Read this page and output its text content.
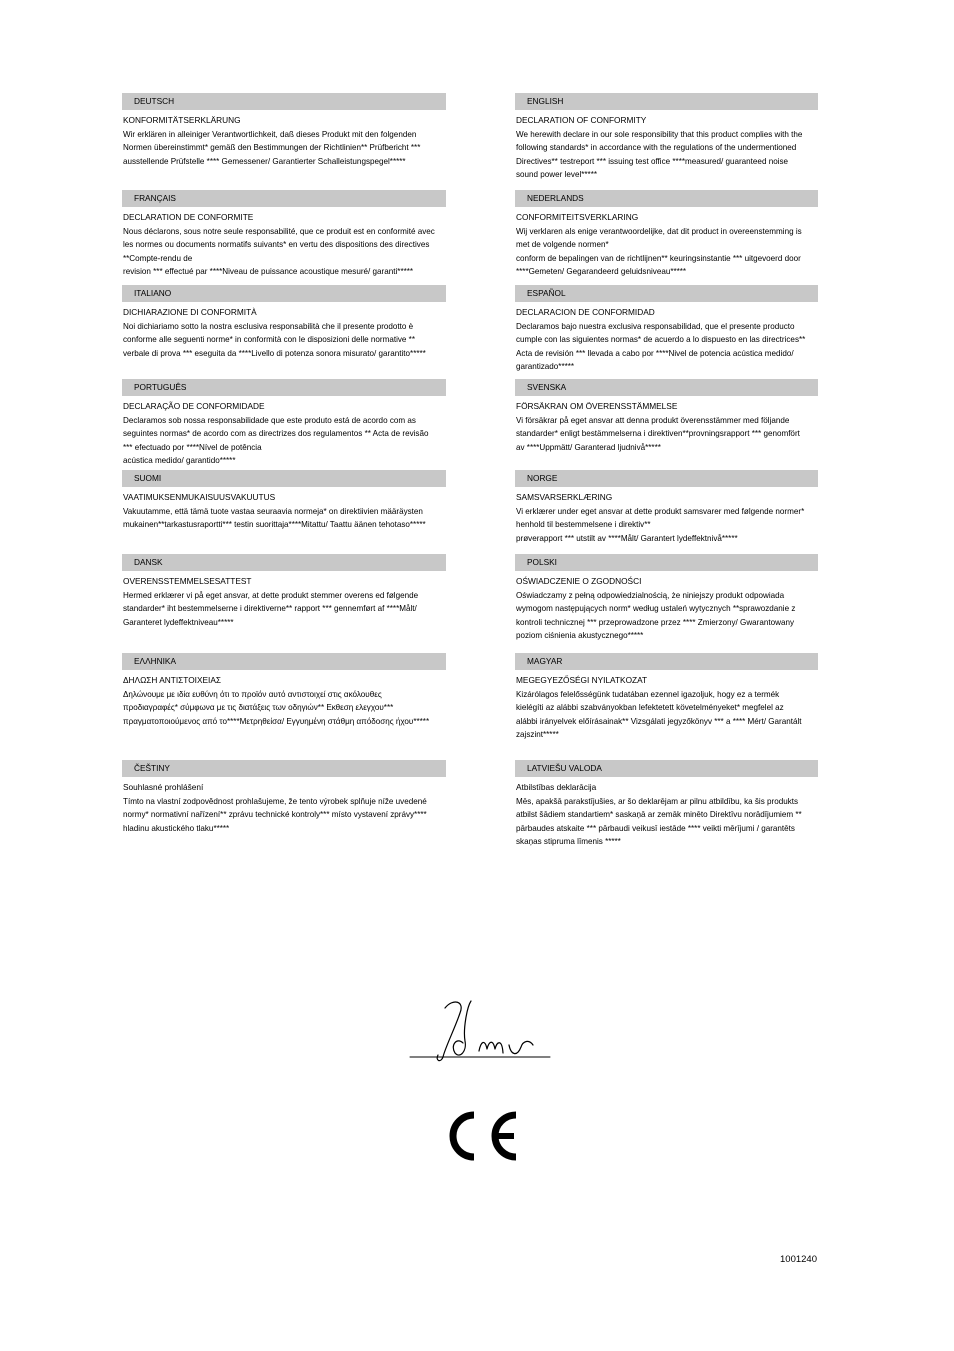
DEUTSCH
KONFORMITÄTSERKLÄRUNG
Wir erklären in alleiniger Verantwortlichkeit, daß dieses Produkt mit den folgenden
Normen übereinstimmt* gemäß den Bestimmungen der Richtlinien** Prüfbericht ***
ausstellende Prüfstelle **** Gemessener/ Garantierter Schalleistungspegel*****
ENGLISH
DECLARATION OF CONFORMITY
We herewith declare in our sole responsibility that this product complies with the
following standards* in accordance with the regulations of the undermentioned
Directives** testreport *** issuing test office ****measured/ guaranteed noise
sound power level*****
FRANÇAIS
DECLARATION DE CONFORMITE
Nous déclarons, sous notre seule responsabilité, que ce produit est en conformité avec
les normes ou documents normatifs suivants* en vertu des dispositions des directives
**Compte-rendu de
revision *** effectué par ****Niveau de puissance acoustique mesuré/ garanti*****
NEDERLANDS
CONFORMITEITSVERKLARING
Wij verklaren als enige verantwoordelijke, dat dit product in overeenstemming is
met de volgende normen*
conform de bepalingen van de richtlijnen** keuringsinstantie *** uitgevoerd door
****Gemeten/ Gegarandeerd geluidsniveau*****
ITALIANO
DICHIARAZIONE DI CONFORMITÀ
Noi dichiariamo sotto la nostra esclusiva responsabilità che il presente prodotto è
conforme alle seguenti norme* in conformità con le disposizioni delle normative **
verbale di prova *** eseguita da ****Livello di potenza sonora misurato/ garantito*****
ESPAÑOL
DECLARACION DE CONFORMIDAD
Declaramos bajo nuestra exclusiva responsabilidad, que el presente producto
cumple con las siguientes normas* de acuerdo a lo dispuesto en las directrices**
Acta de revisión *** llevada a cabo por ****Nivel de potencia acústica medido/
garantizado*****
PORTUGUÊS
DECLARAÇÃO DE CONFORMIDADE
Declaramos sob nossa responsabilidade que este produto está de acordo com as
seguintes normas* de acordo com as directrizes dos regulamentos ** Acta de revisão
*** efectuado por ****Nível de potência
acústica medido/ garantido*****
SVENSKA
FÖRSÄKRAN OM ÖVERENSSTÄMMELSE
Vi försäkrar på eget ansvar att denna produkt överensstämmer med följande
standarder* enligt bestämmelserna i direktiven**provningsrapport *** genomfört
av ****Uppmätt/ Garanterad ljudnivå*****
SUOMI
VAATIMUKSENMUKAISUUSVAKUUTUS
Vakuutamme, että tämä tuote vastaa seuraavia normeja* on direktiivien määräysten
mukainen**tarkastusraportti*** testin suorittaja****Mitattu/ Taattu äänen tehotaso*****
NORGE
SAMSVARSERKLÆRING
Vi erklærer under eget ansvar at dette produkt samsvarer med følgende normer*
henhold til bestemmelsene i direktiv**
prøverapport *** utstilt av ****Målt/ Garantert lydeffektnivå*****
DANSK
OVERENSSTEMMELSESATTEST
Hermed erklærer vi på eget ansvar, at dette produkt stemmer overens ed følgende
standarder* iht bestemmelserne i direktiverne** rapport *** gennemført af ****Målt/
Garanteret lydeffektniveau*****
POLSKI
OŚWIADCZENIE O ZGODNOŚCI
Oświadczamy z pełną odpowiedzialnością, że niniejszy produkt odpowiada
wymogom następujących norm* według ustaleń wytycznych **sprawozdanie z
kontroli technicznej *** przeprowadzone przez **** Zmierzony/ Gwarantowany
poziom ciśnienia akustycznego*****
ΕΛΛΗΝΙΚΑ
ΔΗΛΩΣΗ ΑΝΤΙΣΤΟΙΧΕΙΑΣ
Δηλώνουμε με ιδία ευθύνη ότι το προϊόν αυτό αντιστοιχεί στις ακόλουθες
προδιαγραφές* σύμφωνα με τις διατάξεις των οδηγιών** Εκθεση ελεγχου***
πραγματοποιούμενος από το****Μετρηθείσα/ Εγγυημένη στάθμη απόδοσης ήχου*****
MAGYAR
MEGEGYEZŐSÉGI NYILATKOZAT
Kizárólagos felelősségünk tudatában ezennel igazoljuk, hogy ez a termék
kielégíti az alábbi szabványokban lefektetett követelményeket* megfelel az
alábbi irányelvek előírásainak** Vizsgálati jegyzőkönyv *** a **** Mért/ Garantált
zajszint*****
ČEŠTINY
Souhlasné prohlášení
Tímto na vlastní zodpovědnost prohlašujeme, že tento výrobek splňuje níže uvedené
normy* normativní nařízení** zprávu technické kontroly*** místo vystavení zprávy****
hladinu akustického tlaku*****
LATVIEŠU VALODA
Atbilstības deklarācija
Mēs, apakšā parakstījušies, ar šo deklarējam ar pilnu atbildību, ka šis produkts
atbilst šādiem standartiem* saskaņā ar zemāk minēto Direktīvu norādījumiem **
pārbaudes atskaite *** pārbaudi veikusī iestāde **** veikti mērījumi / garantēts
skaņas stipruma līmenis *****
1001240
